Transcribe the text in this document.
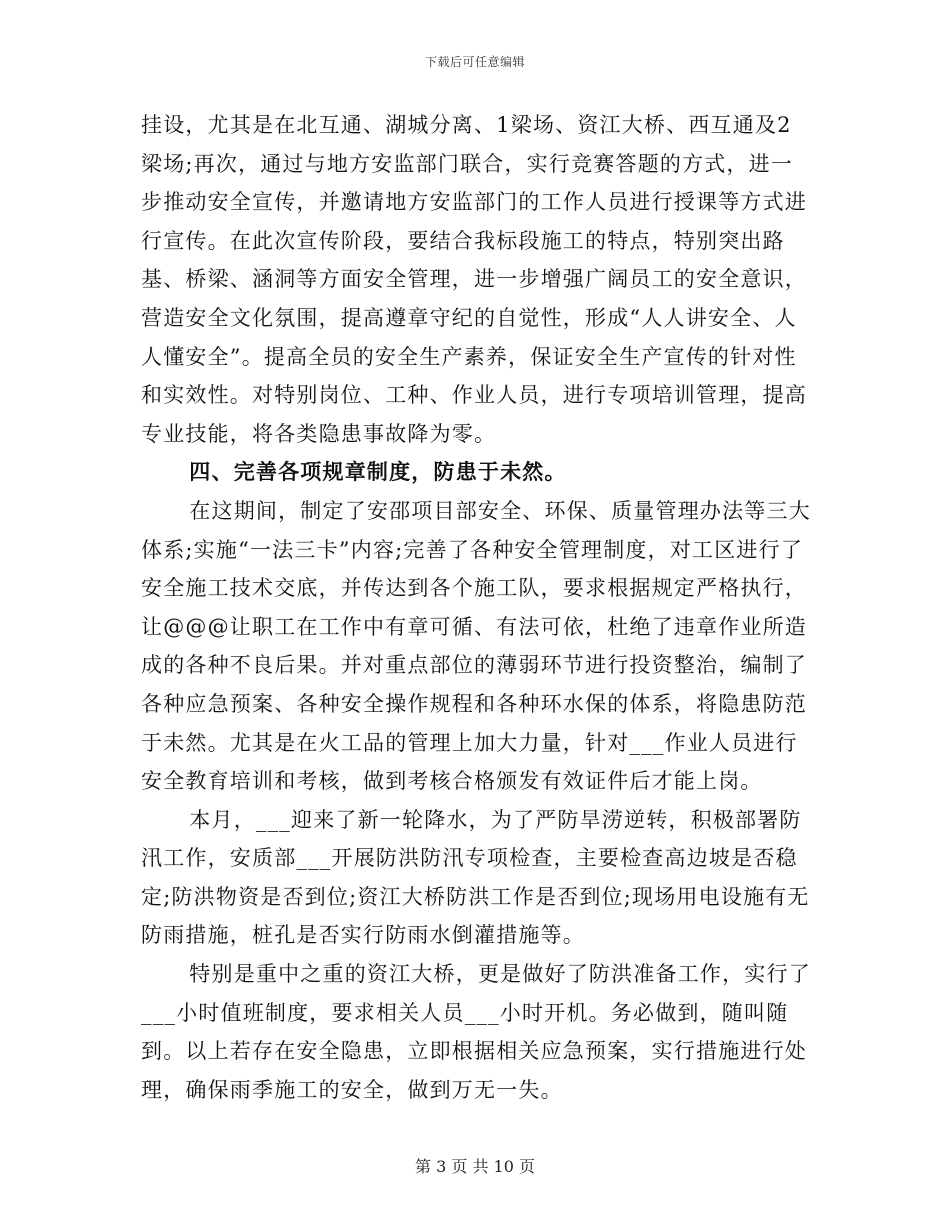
下载后可任意编辑

挂设，尤其是在北互通、湖城分离、1梁场、资江大桥、西互通及2梁场;再次，通过与地方安监部门联合，实行竞赛答题的方式，进一步推动安全宣传，并邀请地方安监部门的工作人员进行授课等方式进行宣传。在此次宣传阶段，要结合我标段施工的特点，特别突出路基、桥梁、涵洞等方面安全管理，进一步增强广阔员工的安全意识，营造安全文化氛围，提高遵章守纪的自觉性，形成“人人讲安全、人人懂安全”。提高全员的安全生产素养，保证安全生产宣传的针对性和实效性。对特别岗位、工种、作业人员，进行专项培训管理，提高专业技能，将各类隐患事故降为零。

四、完善各项规章制度，防患于未然。

在这期间，制定了安邵项目部安全、环保、质量管理办法等三大体系;实施“一法三卡”内容;完善了各种安全管理制度，对工区进行了安全施工技术交底，并传达到各个施工队，要求根据规定严格执行，让@@@让职工在工作中有章可循、有法可依，杜绝了违章作业所造成的各种不良后果。并对重点部位的薄弱环节进行投资整治，编制了各种应急预案、各种安全操作规程和各种环水保的体系，将隐患防范于未然。尤其是在火工品的管理上加大力量，针对___作业人员进行安全教育培训和考核，做到考核合格颁发有效证件后才能上岗。

本月，___迎来了新一轮降水，为了严防旱涝逆转，积极部署防汛工作，安质部___开展防洪防汛专项检查，主要检查高边坡是否稳定;防洪物资是否到位;资江大桥防洪工作是否到位;现场用电设施有无防雨措施，桩孔是否实行防雨水倒灌措施等。

特别是重中之重的资江大桥，更是做好了防洪准备工作，实行了___小时值班制度，要求相关人员___小时开机。务必做到，随叫随到。以上若存在安全隐患，立即根据相关应急预案，实行措施进行处理，确保雨季施工的安全，做到万无一失。

第 3 页 共 10 页
